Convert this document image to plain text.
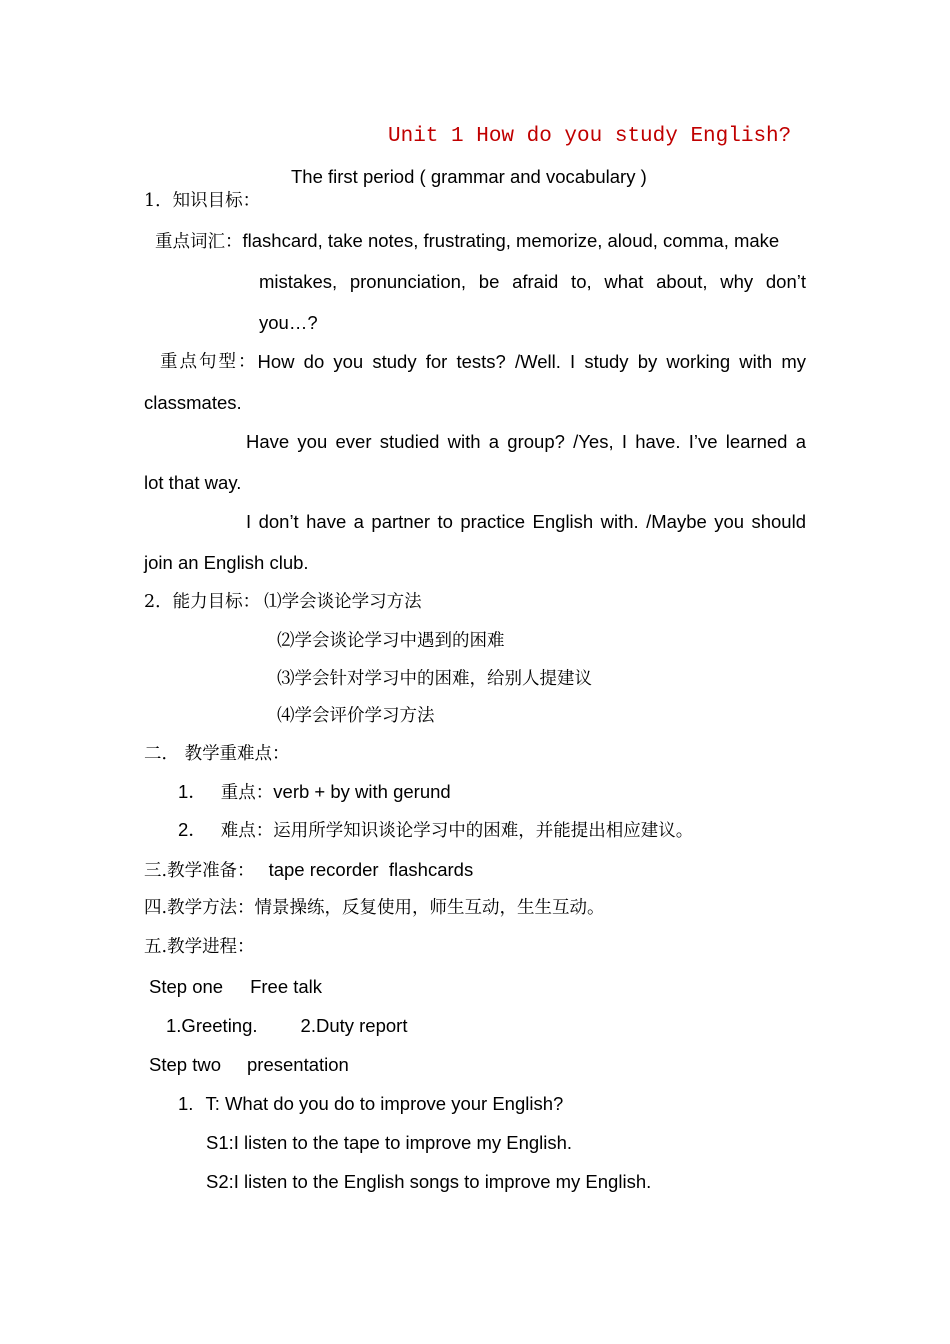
Unit 1 How do you study English?
The first period ( grammar and vocabulary )
1．知识目标：
重点词汇：flashcard, take notes, frustrating, memorize, aloud, comma, make
mistakes, pronunciation, be afraid to, what about, why don’t
you…?
重点句型： How do you study for tests? /Well. I study by working with my
classmates.
Have you ever studied with a group? /Yes, I have. I’ve learned a
lot that way.
I don’t have a partner to practice English with. /Maybe you should
join an English club.
2．能力目标： ⑴学会谈论学习方法
⑵学会谈论学习中遇到的困难
⑶学会针对学习中的困难，给别人提建议
⑷学会评价学习方法
二． 教学重难点：
1． 重点：verb + by with gerund
2． 难点：运用所学知识谈论学习中的困难，并能提出相应建议。
三.教学准备： tape recorder  flashcards
四.教学方法：情景操练，反复使用，师生互动，生生互动。
五.教学进程：
Step one Free talk
1.Greeting. 2.Duty report
Step two presentation
1. T: What do you do to improve your English?
S1:I listen to the tape to improve my English.
S2:I listen to the English songs to improve my English.
